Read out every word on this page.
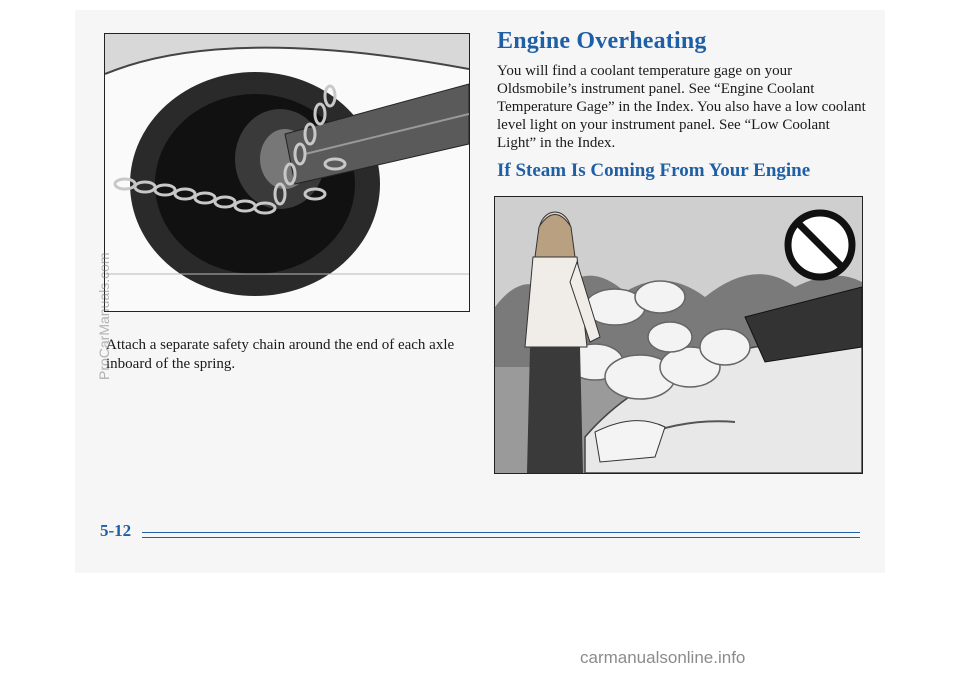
Attach a separate safety chain around the end of each axle inboard of the spring.
Engine Overheating
You will find a coolant temperature gage on your Oldsmobile’s instrument panel. See “Engine Coolant Temperature Gage” in the Index. You also have a low coolant level light on your instrument panel. See “Low Coolant Light” in the Index.
If Steam Is Coming From Your Engine
5-12
ProCarManuals.com
carmanualsonline.info
